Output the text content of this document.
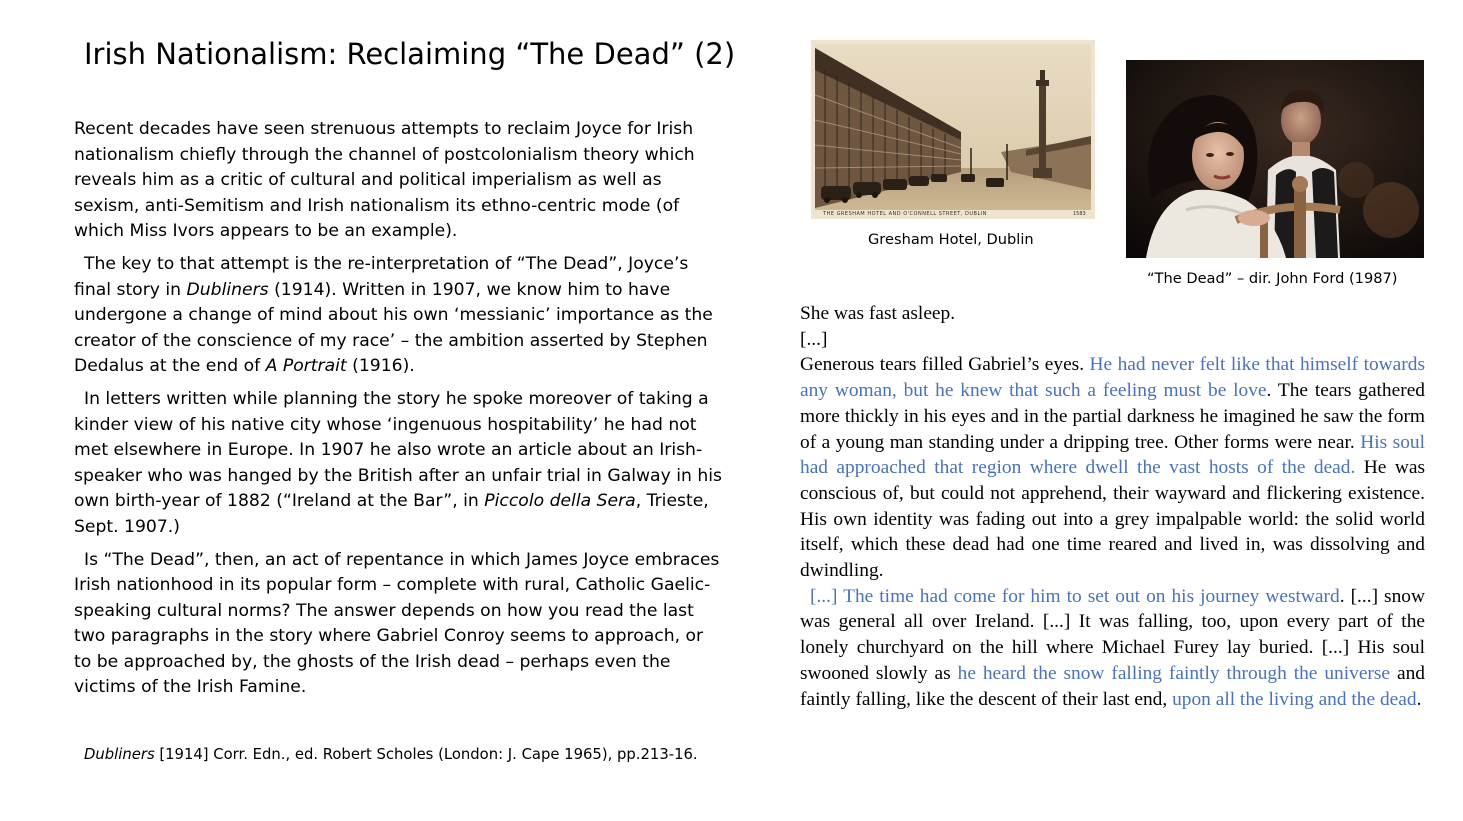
Irish Nationalism: Reclaiming “The Dead” (2)

Recent decades have seen strenuous attempts to reclaim Joyce for Irish nationalism chiefly through the channel of postcolonialism theory which reveals him as a critic of cultural and political imperialism as well as sexism, anti-Semitism and Irish nationalism its ethno-centric mode (of which Miss Ivors appears to be an example).

The key to that attempt is the re-interpretation of “The Dead”, Joyce’s final story in Dubliners (1914). Written in 1907, we know him to have undergone a change of mind about his own ‘messianic’ importance as the creator of the conscience of my race’ – the ambition asserted by Stephen Dedalus at the end of A Portrait (1916).

In letters written while planning the story he spoke moreover of taking a kinder view of his native city whose ‘ingenuous hospitability’ he had not met elsewhere in Europe. In 1907 he also wrote an article about an Irish-speaker who was hanged by the British after an unfair trial in Galway in his own birth-year of 1882 (“Ireland at the Bar”, in Piccolo della Sera, Trieste, Sept. 1907.)

Is “The Dead”, then, an act of repentance in which James Joyce embraces Irish nationhood in its popular form – complete with rural, Catholic Gaelic-speaking cultural norms? The answer depends on how you read the last two paragraphs in the story where Gabriel Conroy seems to approach, or to be approached by, the ghosts of the Irish dead – perhaps even the victims of the Irish Famine.

Dubliners [1914] Corr. Edn., ed. Robert Scholes (London: J. Cape 1965), pp.213-16.
THE GRESHAM HOTEL AND O'CONNELL STREET, DUBLIN	1583
Gresham Hotel, Dublin
“The Dead” – dir. John Ford (1987)

She was fast asleep.

[...]

Generous tears filled Gabriel’s eyes. He had never felt like that himself towards any woman, but he knew that such a feeling must be love. The tears gathered more thickly in his eyes and in the partial darkness he imagined he saw the form of a young man standing under a dripping tree. Other forms were near. His soul had approached that region where dwell the vast hosts of the dead. He was conscious of, but could not apprehend, their wayward and flickering existence. His own identity was fading out into a grey impalpable world: the solid world itself, which these dead had one time reared and lived in, was dissolving and dwindling.

[...] The time had come for him to set out on his journey westward. [...] snow was general all over Ireland. [...] It was falling, too, upon every part of the lonely churchyard on the hill where Michael Furey lay buried. [...] His soul swooned slowly as he heard the snow falling faintly through the universe and faintly falling, like the descent of their last end, upon all the living and the dead.
